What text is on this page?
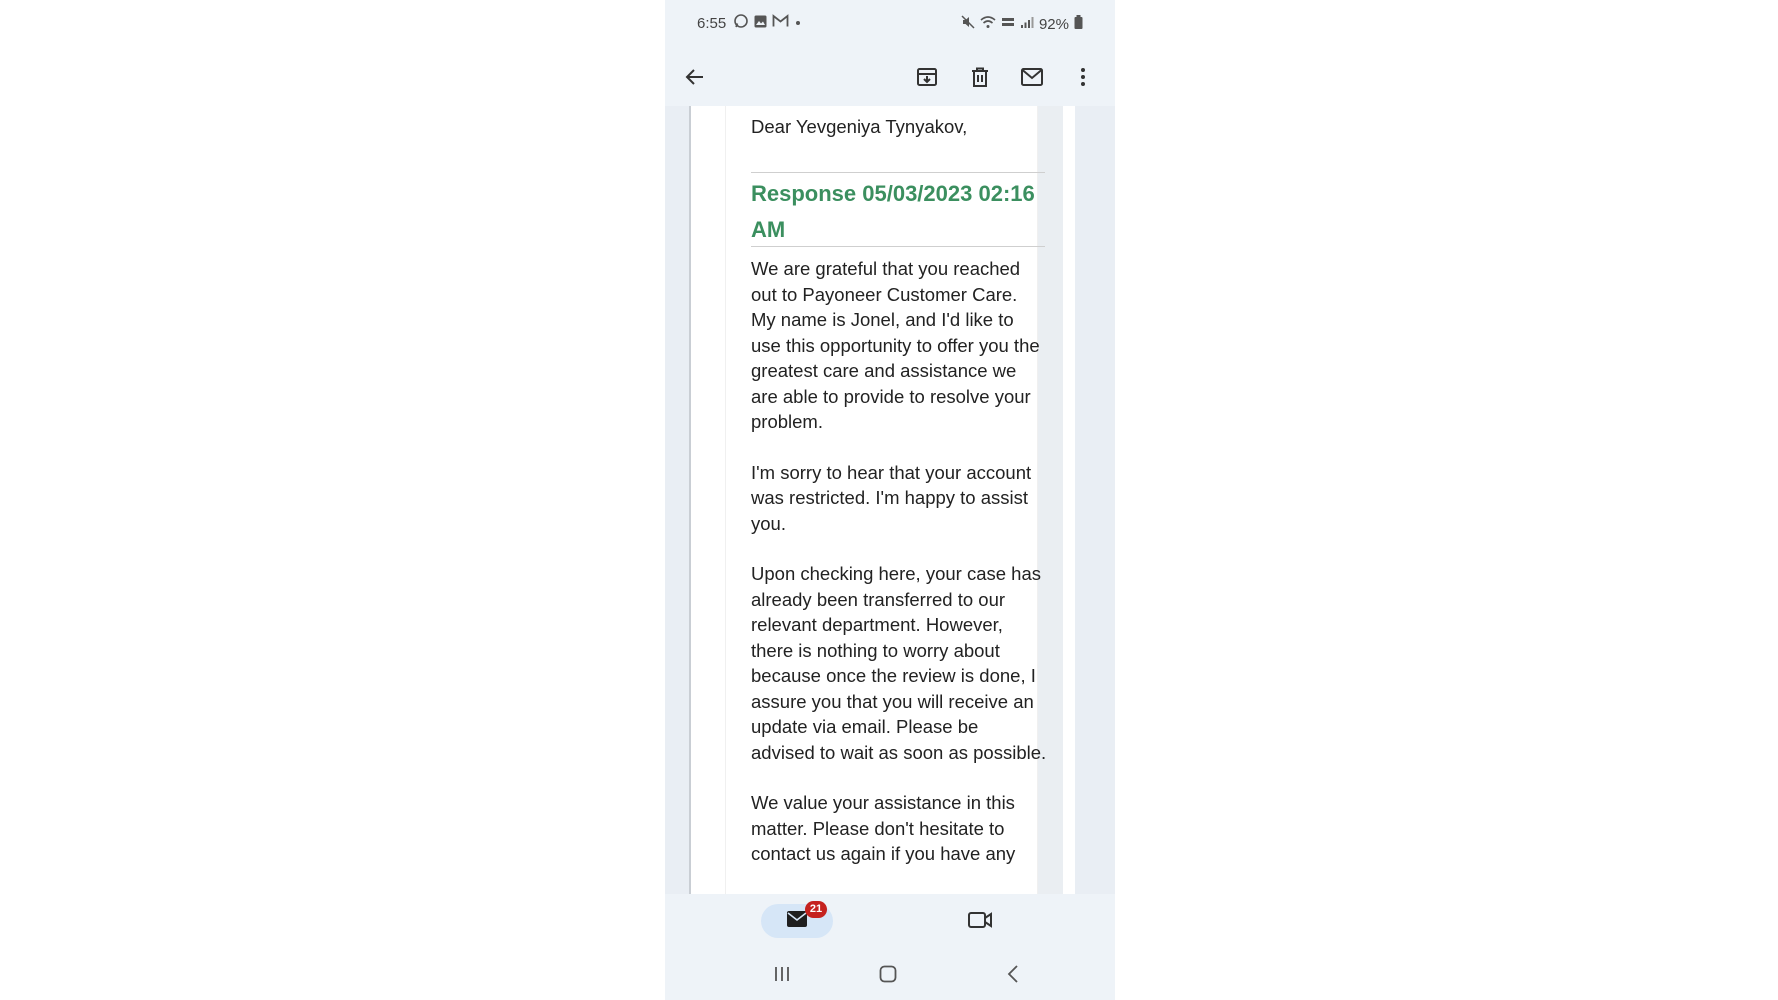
6:55	92%
Dear Yevgeniya Tynyakov,
Response 05/03/2023 02:16 AM

We are grateful that you reached out to Payoneer Customer Care. My name is Jonel, and I'd like to use this opportunity to offer you the greatest care and assistance we are able to provide to resolve your problem.

I'm sorry to hear that your account was restricted. I'm happy to assist you.

Upon checking here, your case has already been transferred to our relevant department. However, there is nothing to worry about because once the review is done, I assure you that you will receive an update via email. Please be advised to wait as soon as possible.

We value your assistance in this matter. Please don't hesitate to contact us again if you have any

21
